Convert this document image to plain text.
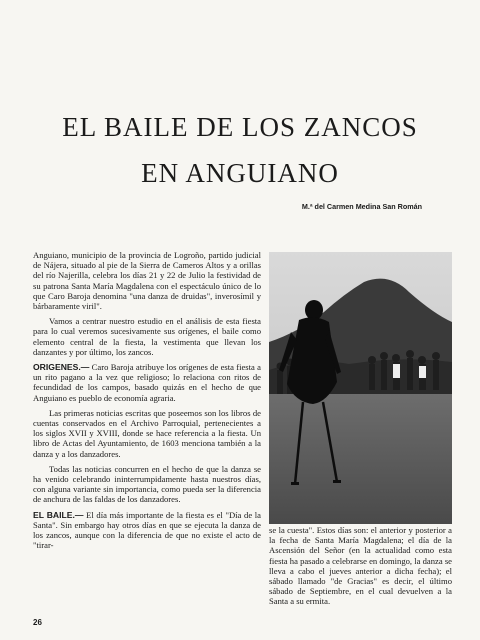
EL BAILE DE LOS ZANCOS
EN ANGUIANO

M.ª del Carmen Medina San Román

Anguiano, municipio de la provincia de Logroño, partido judicial de Nájera, situado al pie de la Sierra de Cameros Altos y a orillas del río Najerilla, celebra los días 21 y 22 de Julio la festividad de su patrona Santa María Magdalena con el espectáculo único de lo que Caro Baroja denomina "una danza de druidas", inverosímil y bárbaramente viril".

Vamos a centrar nuestro estudio en el análisis de esta fiesta para lo cual veremos sucesivamente sus orígenes, el baile como elemento central de la fiesta, la vestimenta que llevan los danzantes y por último, los zancos.

ORIGENES.— Caro Baroja atribuye los orígenes de esta fiesta a un rito pagano a la vez que religioso; lo relaciona con ritos de fecundidad de los campos, basado quizás en el hecho de que Anguiano es pueblo de economía agraria.

Las primeras noticias escritas que poseemos son los libros de cuentas conservados en el Archivo Parroquial, pertenecientes a los siglos XVII y XVIII, donde se hace referencia a la fiesta. Un libro de Actas del Ayuntamiento, de 1603 menciona también a la danza y a los danzadores.

Todas las noticias concurren en el hecho de que la danza se ha venido celebrando ininterrumpidamente hasta nuestros días, con alguna variante sin importancia, como pueda ser la diferencia de anchura de las faldas de los danzadores.

EL BAILE.— El día más importante de la fiesta es el "Día de la Santa". Sin embargo hay otros días en que se ejecuta la danza de los zancos, aunque con la diferencia de que no existe el acto de "tirar-

se la cuesta". Estos días son: el anterior y posterior a la fecha de Santa María Magdalena; el día de la Ascensión del Señor (en la actualidad como esta fiesta ha pasado a celebrarse en domingo, la danza se lleva a cabo el jueves anterior a dicha fecha); el sábado llamado "de Gracias" es decir, el último sábado de Septiembre, en el cual devuelven a la Santa a su ermita.

26
